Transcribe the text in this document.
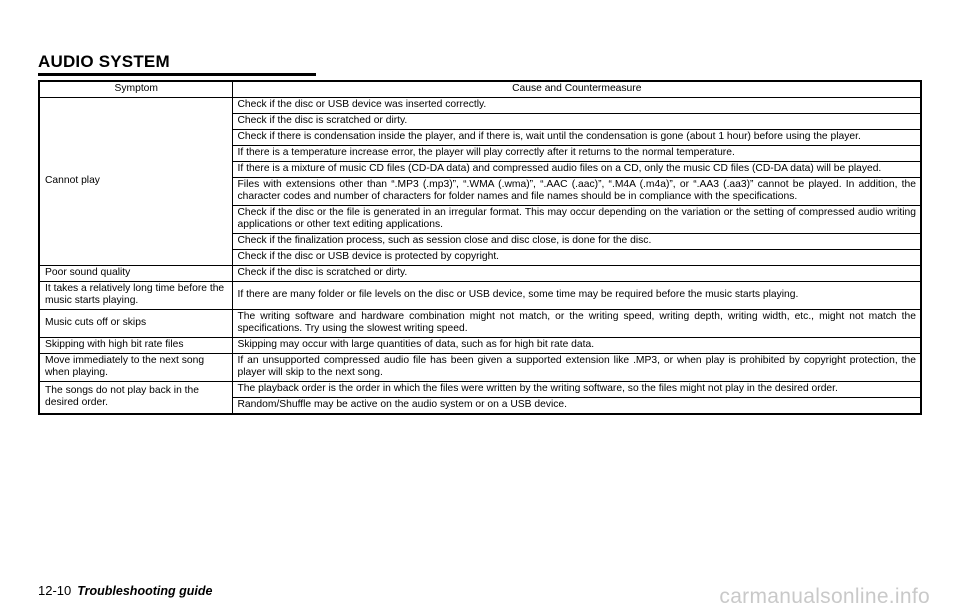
AUDIO SYSTEM
Symptom	Cause and Countermeasure
Cannot play	Check if the disc or USB device was inserted correctly.
	Check if the disc is scratched or dirty.
	Check if there is condensation inside the player, and if there is, wait until the condensation is gone (about 1 hour) before using the player.
	If there is a temperature increase error, the player will play correctly after it returns to the normal temperature.
	If there is a mixture of music CD files (CD-DA data) and compressed audio files on a CD, only the music CD files (CD-DA data) will be played.
	Files with extensions other than “.MP3 (.mp3)”, “.WMA (.wma)”, “.AAC (.aac)”, “.M4A (.m4a)”, or “.AA3 (.aa3)” cannot be played. In addition, the character codes and number of characters for folder names and file names should be in compliance with the specifications.
	Check if the disc or the file is generated in an irregular format. This may occur depending on the variation or the setting of compressed audio writing applications or other text editing applications.
	Check if the finalization process, such as session close and disc close, is done for the disc.
	Check if the disc or USB device is protected by copyright.
Poor sound quality	Check if the disc is scratched or dirty.
It takes a relatively long time before the music starts playing.	If there are many folder or file levels on the disc or USB device, some time may be required before the music starts playing.
Music cuts off or skips	The writing software and hardware combination might not match, or the writing speed, writing depth, writing width, etc., might not match the specifications. Try using the slowest writing speed.
Skipping with high bit rate files	Skipping may occur with large quantities of data, such as for high bit rate data.
Move immediately to the next song when playing.	If an unsupported compressed audio file has been given a supported extension like .MP3, or when play is prohibited by copyright protection, the player will skip to the next song.
The songs do not play back in the desired order.	The playback order is the order in which the files were written by the writing software, so the files might not play in the desired order.
	Random/Shuffle may be active on the audio system or on a USB device.
12-10 Troubleshooting guide	carmanualsonline.info
